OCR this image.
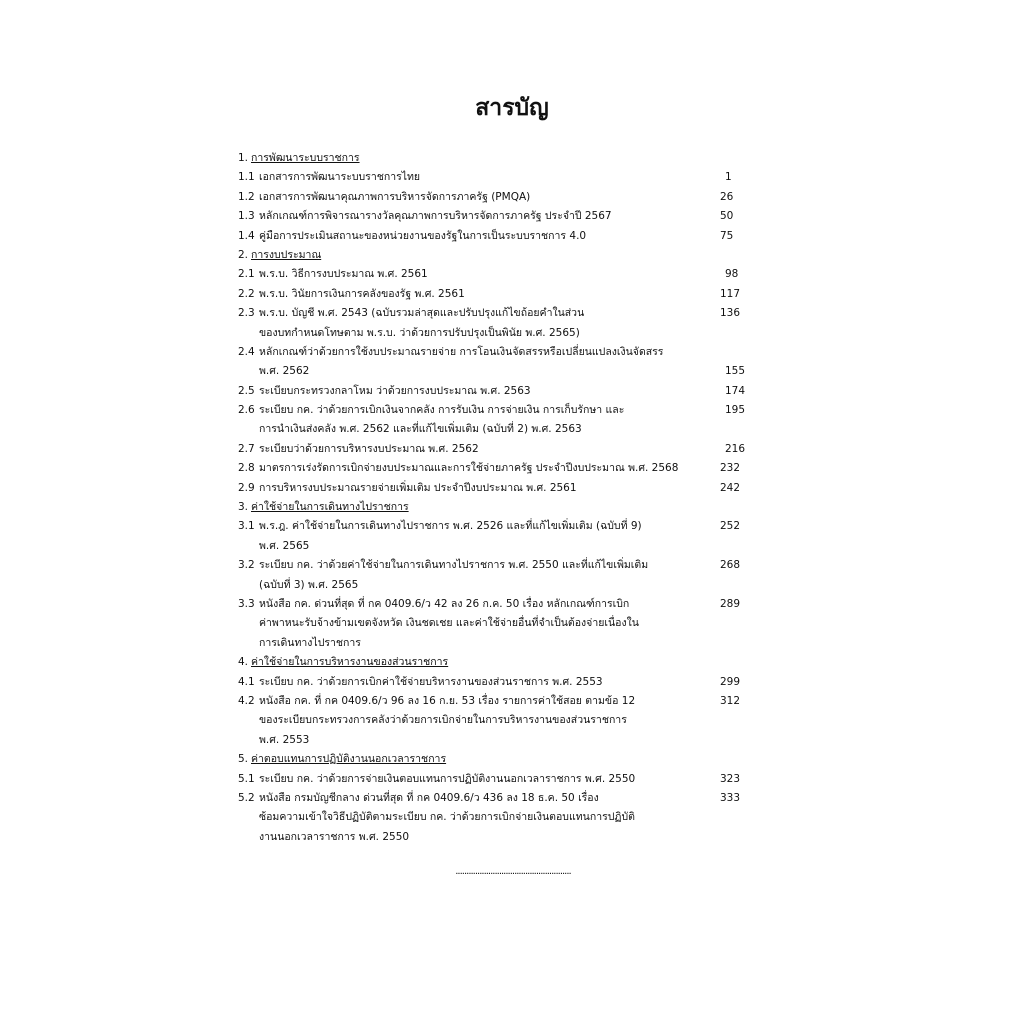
สารบัญ
1. การพัฒนาระบบราชการ
1.1 เอกสารการพัฒนาระบบราชการไทย	1
1.2 เอกสารการพัฒนาคุณภาพการบริหารจัดการภาครัฐ (PMQA)	26
1.3 หลักเกณฑ์การพิจารณารางวัลคุณภาพการบริหารจัดการภาครัฐ ประจำปี 2567	50
1.4 คู่มือการประเมินสถานะของหน่วยงานของรัฐในการเป็นระบบราชการ 4.0	75
2. การงบประมาณ
2.1 พ.ร.บ. วิธีการงบประมาณ พ.ศ. 2561	98
2.2 พ.ร.บ. วินัยการเงินการคลังของรัฐ พ.ศ. 2561	117
2.3 พ.ร.บ. บัญชี พ.ศ. 2543 (ฉบับรวมล่าสุดและปรับปรุงแก้ไขถ้อยคำในส่วน	136
ของบทกำหนดโทษตาม พ.ร.บ. ว่าด้วยการปรับปรุงเป็นพินัย พ.ศ. 2565)
2.4 หลักเกณฑ์ว่าด้วยการใช้งบประมาณรายจ่าย การโอนเงินจัดสรรหรือเปลี่ยนแปลงเงินจัดสรร
พ.ศ. 2562	155
2.5 ระเบียบกระทรวงกลาโหม ว่าด้วยการงบประมาณ พ.ศ. 2563	174
2.6 ระเบียบ กค. ว่าด้วยการเบิกเงินจากคลัง การรับเงิน การจ่ายเงิน การเก็บรักษา และ	195
การนำเงินส่งคลัง พ.ศ. 2562 และที่แก้ไขเพิ่มเติม (ฉบับที่ 2) พ.ศ. 2563
2.7 ระเบียบว่าด้วยการบริหารงบประมาณ พ.ศ. 2562	216
2.8 มาตรการเร่งรัดการเบิกจ่ายงบประมาณและการใช้จ่ายภาครัฐ ประจำปีงบประมาณ พ.ศ. 2568	232
2.9 การบริหารงบประมาณรายจ่ายเพิ่มเติม ประจำปีงบประมาณ พ.ศ. 2561	242
3. ค่าใช้จ่ายในการเดินทางไปราชการ
3.1 พ.ร.ฎ. ค่าใช้จ่ายในการเดินทางไปราชการ พ.ศ. 2526 และที่แก้ไขเพิ่มเติม (ฉบับที่ 9)	252
พ.ศ. 2565
3.2 ระเบียบ กค. ว่าด้วยค่าใช้จ่ายในการเดินทางไปราชการ พ.ศ. 2550 และที่แก้ไขเพิ่มเติม	268
(ฉบับที่ 3) พ.ศ. 2565
3.3 หนังสือ กค. ด่วนที่สุด ที่ กค 0409.6/ว 42 ลง 26 ก.ค. 50 เรื่อง หลักเกณฑ์การเบิก	289
ค่าพาหนะรับจ้างข้ามเขตจังหวัด เงินชดเชย และค่าใช้จ่ายอื่นที่จำเป็นต้องจ่ายเนื่องใน
การเดินทางไปราชการ
4. ค่าใช้จ่ายในการบริหารงานของส่วนราชการ
4.1 ระเบียบ กค. ว่าด้วยการเบิกค่าใช้จ่ายบริหารงานของส่วนราชการ พ.ศ. 2553	299
4.2 หนังสือ กค. ที่ กค 0409.6/ว 96 ลง 16 ก.ย. 53 เรื่อง รายการค่าใช้สอย ตามข้อ 12	312
ของระเบียบกระทรวงการคลังว่าด้วยการเบิกจ่ายในการบริหารงานของส่วนราชการ
พ.ศ. 2553
5. ค่าตอบแทนการปฏิบัติงานนอกเวลาราชการ
5.1 ระเบียบ กค. ว่าด้วยการจ่ายเงินตอบแทนการปฏิบัติงานนอกเวลาราชการ พ.ศ. 2550	323
5.2 หนังสือ กรมบัญชีกลาง ด่วนที่สุด ที่ กค 0409.6/ว 436 ลง 18 ธ.ค. 50 เรื่อง	333
ซ้อมความเข้าใจวิธีปฏิบัติตามระเบียบ กค. ว่าด้วยการเบิกจ่ายเงินตอบแทนการปฏิบัติ
งานนอกเวลาราชการ พ.ศ. 2550
.....................................................
